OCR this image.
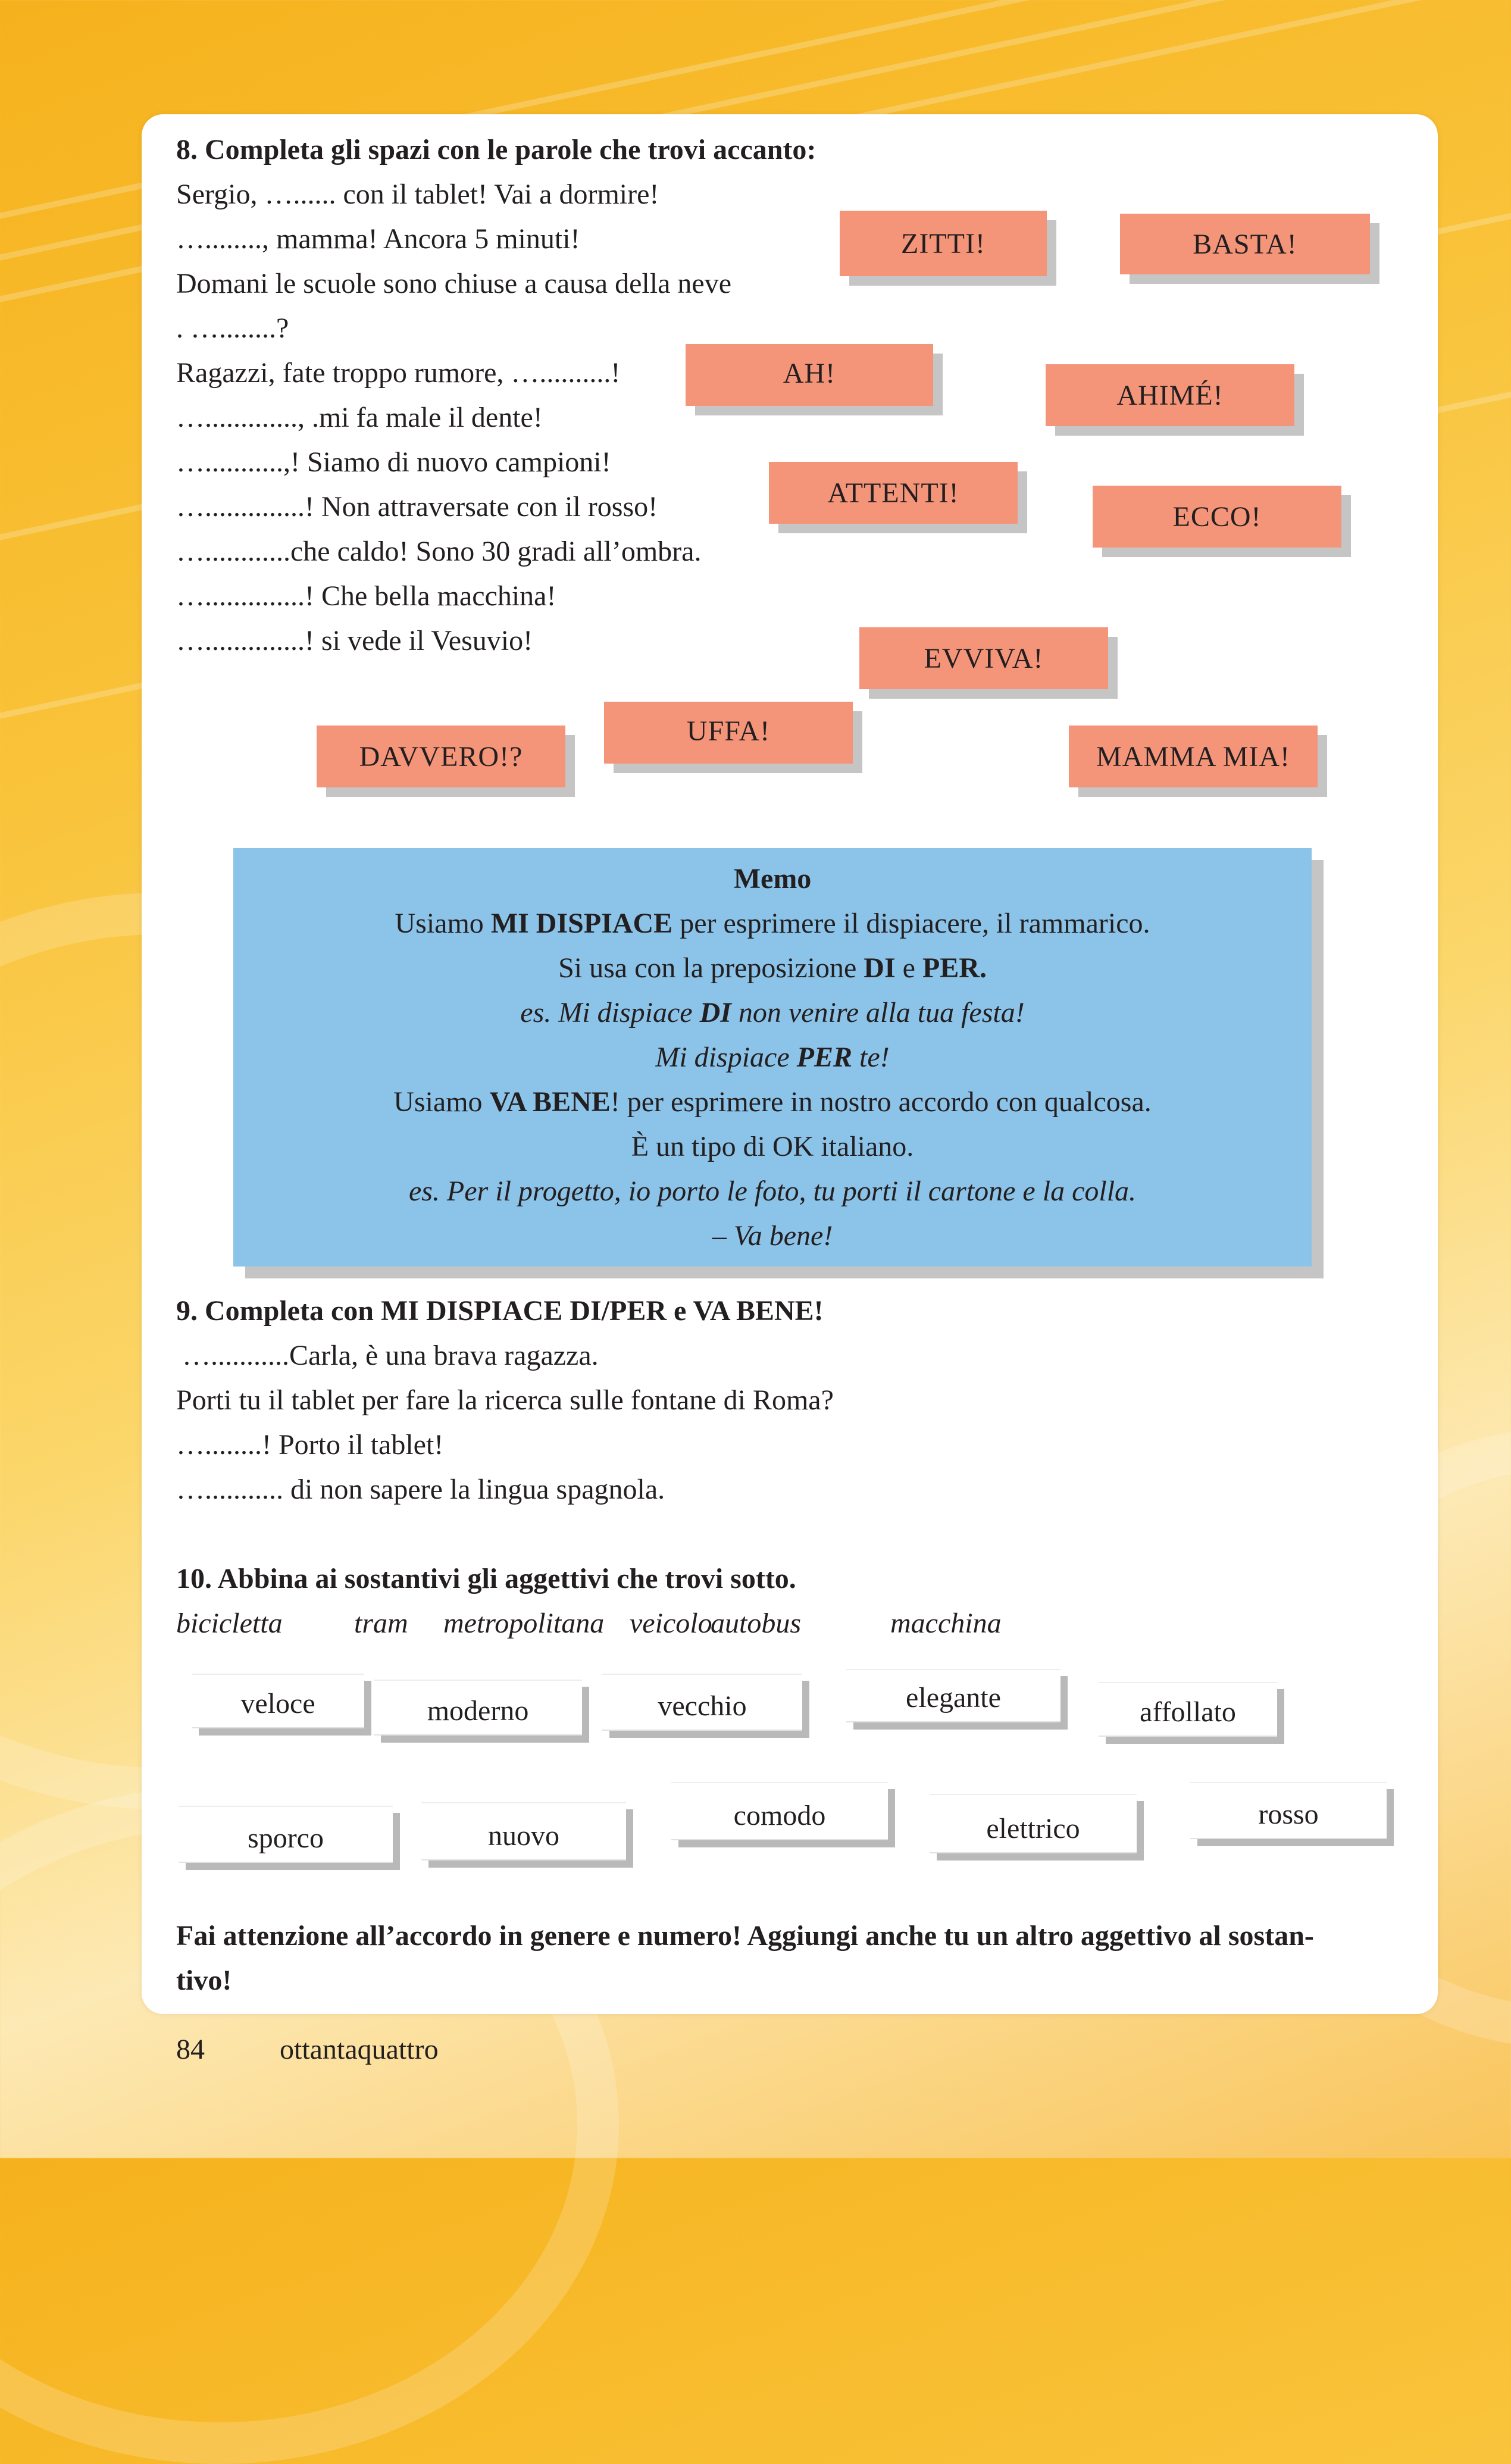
8. Completa gli spazi con le parole che trovi accanto:
Sergio, …...... con il tablet! Vai a dormire!
…........, mamma! Ancora 5 minuti!
Domani le scuole sono chiuse a causa della neve
. …........?
Ragazzi, fate troppo rumore, …..........!
…............., .mi fa male il dente!
…...........,! Siamo di nuovo campioni!
…..............! Non attraversate con il rosso!
…............che caldo! Sono 30 gradi all’ombra.
…..............! Che bella macchina!
…..............! si vede il Vesuvio!
ZITTI!	BASTA!
AH!
AHIMÉ!
ATTENTI!
ECCO!
EVVIVA!
UFFA!
DAVVERO!?	MAMMA MIA!
Memo
Usiamo MI DISPIACE per esprimere il dispiacere, il rammarico.
Si usa con la preposizione DI e PER.
es. Mi dispiace DI non venire alla tua festa!
Mi dispiace PER te!
Usiamo VA BENE! per esprimere in nostro accordo con qualcosa.
È un tipo di OK italiano.
es. Per il progetto, io porto le foto, tu porti il cartone e la colla.
– Va bene!
9. Completa con MI DISPIACE DI/PER e VA BENE!
…...........Carla, è una brava ragazza.
Porti tu il tablet per fare la ricerca sulle fontane di Roma?
…........! Porto il tablet!
…........... di non sapere la lingua spagnola.
10. Abbina ai sostantivi gli aggettivi che trovi sotto.
bicicletta	tram metropolitana veicolo
autobus	macchina
veloce	moderno	vecchio	elegante	affollato
sporco	nuovo
comodo	elettrico	rosso
Fai attenzione all’accordo in genere e numero! Aggiungi anche tu un altro aggettivo al sostan-
tivo!
84	ottantaquattro
